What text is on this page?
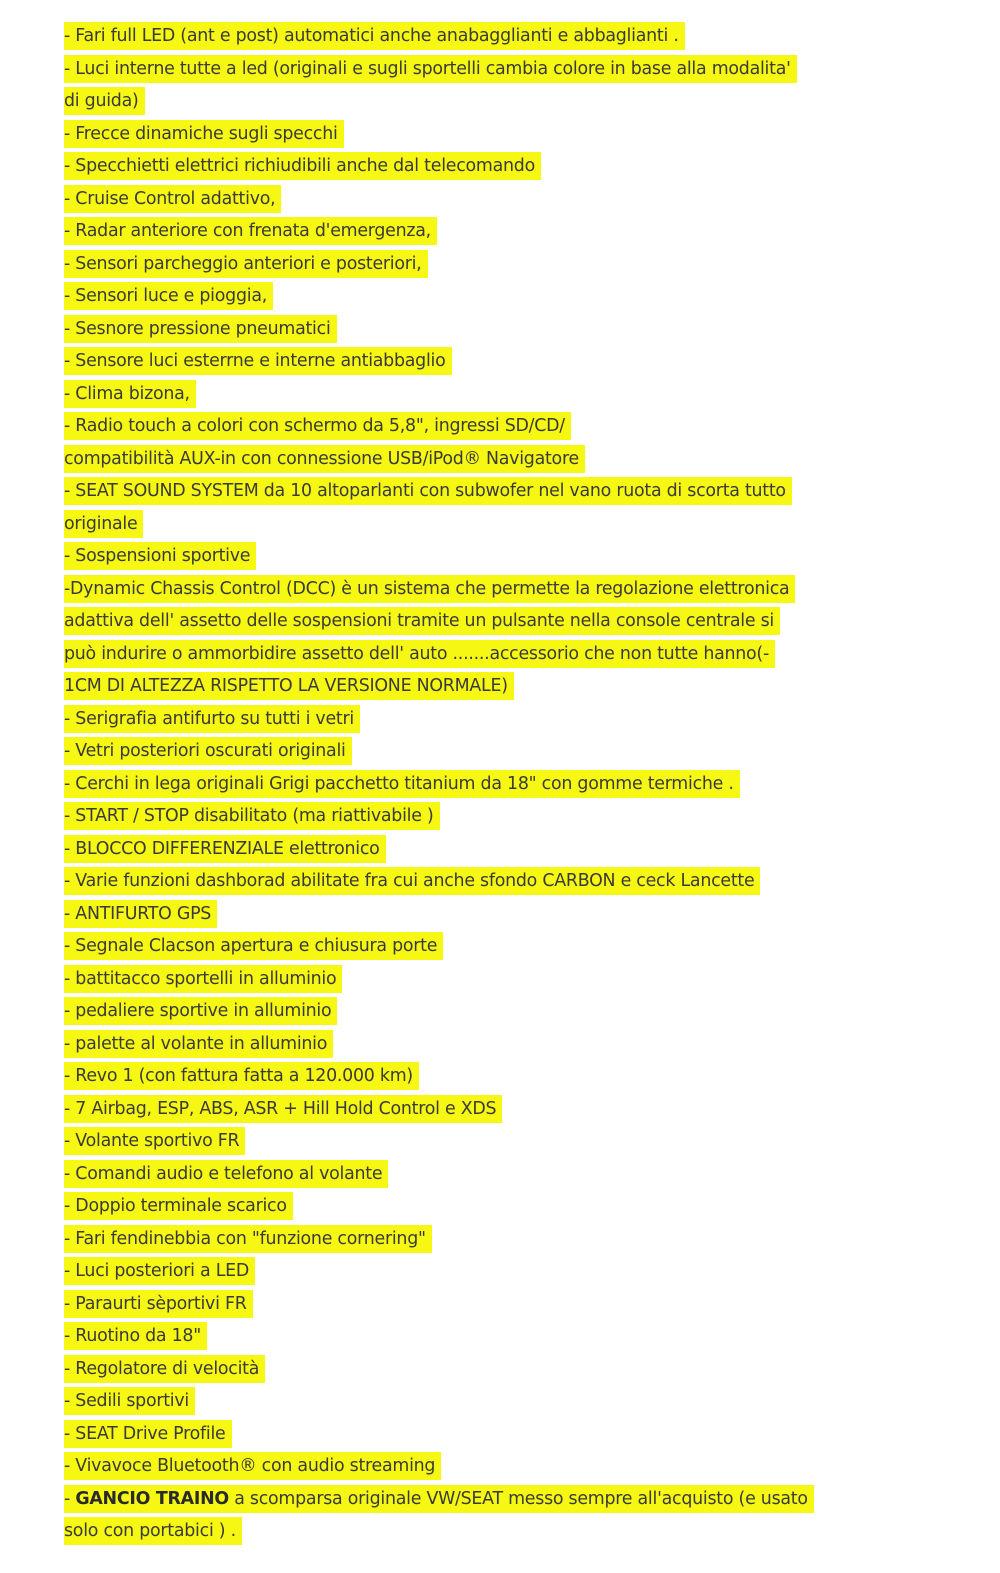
- Fari full LED (ant e post) automatici anche anabagglianti e abbaglianti .
- Luci interne tutte a led (originali e sugli sportelli cambia colore in base alla modalita'
di guida)
- Frecce dinamiche sugli specchi
- Specchietti elettrici richiudibili anche dal telecomando
- Cruise Control adattivo,
- Radar anteriore con frenata d'emergenza,
- Sensori parcheggio anteriori e posteriori,
- Sensori luce e pioggia,
- Sesnore pressione pneumatici
- Sensore luci esterrne e interne antiabbaglio
- Clima bizona,
- Radio touch a colori con schermo da 5,8", ingressi SD/CD/
compatibilità AUX-in con connessione USB/iPod® Navigatore
- SEAT SOUND SYSTEM da 10 altoparlanti con subwofer nel vano ruota di scorta tutto
originale
- Sospensioni sportive
-Dynamic Chassis Control (DCC) è un sistema che permette la regolazione elettronica
adattiva dell' assetto delle sospensioni tramite un pulsante nella console centrale si
può indurire o ammorbidire assetto dell' auto .......accessorio che non tutte hanno(-
1CM DI ALTEZZA RISPETTO LA VERSIONE NORMALE)
- Serigrafia antifurto su tutti i vetri
- Vetri posteriori oscurati originali
- Cerchi in lega originali Grigi pacchetto titanium da 18" con gomme termiche .
- START / STOP disabilitato (ma riattivabile )
- BLOCCO DIFFERENZIALE elettronico
- Varie funzioni dashborad abilitate fra cui anche sfondo CARBON e ceck Lancette
- ANTIFURTO GPS
- Segnale Clacson apertura e chiusura porte
- battitacco sportelli in alluminio
- pedaliere sportive in alluminio
- palette al volante in alluminio
- Revo 1 (con fattura fatta a 120.000 km)
- 7 Airbag, ESP, ABS, ASR + Hill Hold Control e XDS
- Volante sportivo FR
- Comandi audio e telefono al volante
- Doppio terminale scarico
- Fari fendinebbia con "funzione cornering"
- Luci posteriori a LED
- Paraurti sèportivi FR
- Ruotino da 18"
- Regolatore di velocità
- Sedili sportivi
- SEAT Drive Profile
- Vivavoce Bluetooth® con audio streaming
- GANCIO TRAINO a scomparsa originale VW/SEAT messo sempre all'acquisto (e usato
solo con portabici ) .
